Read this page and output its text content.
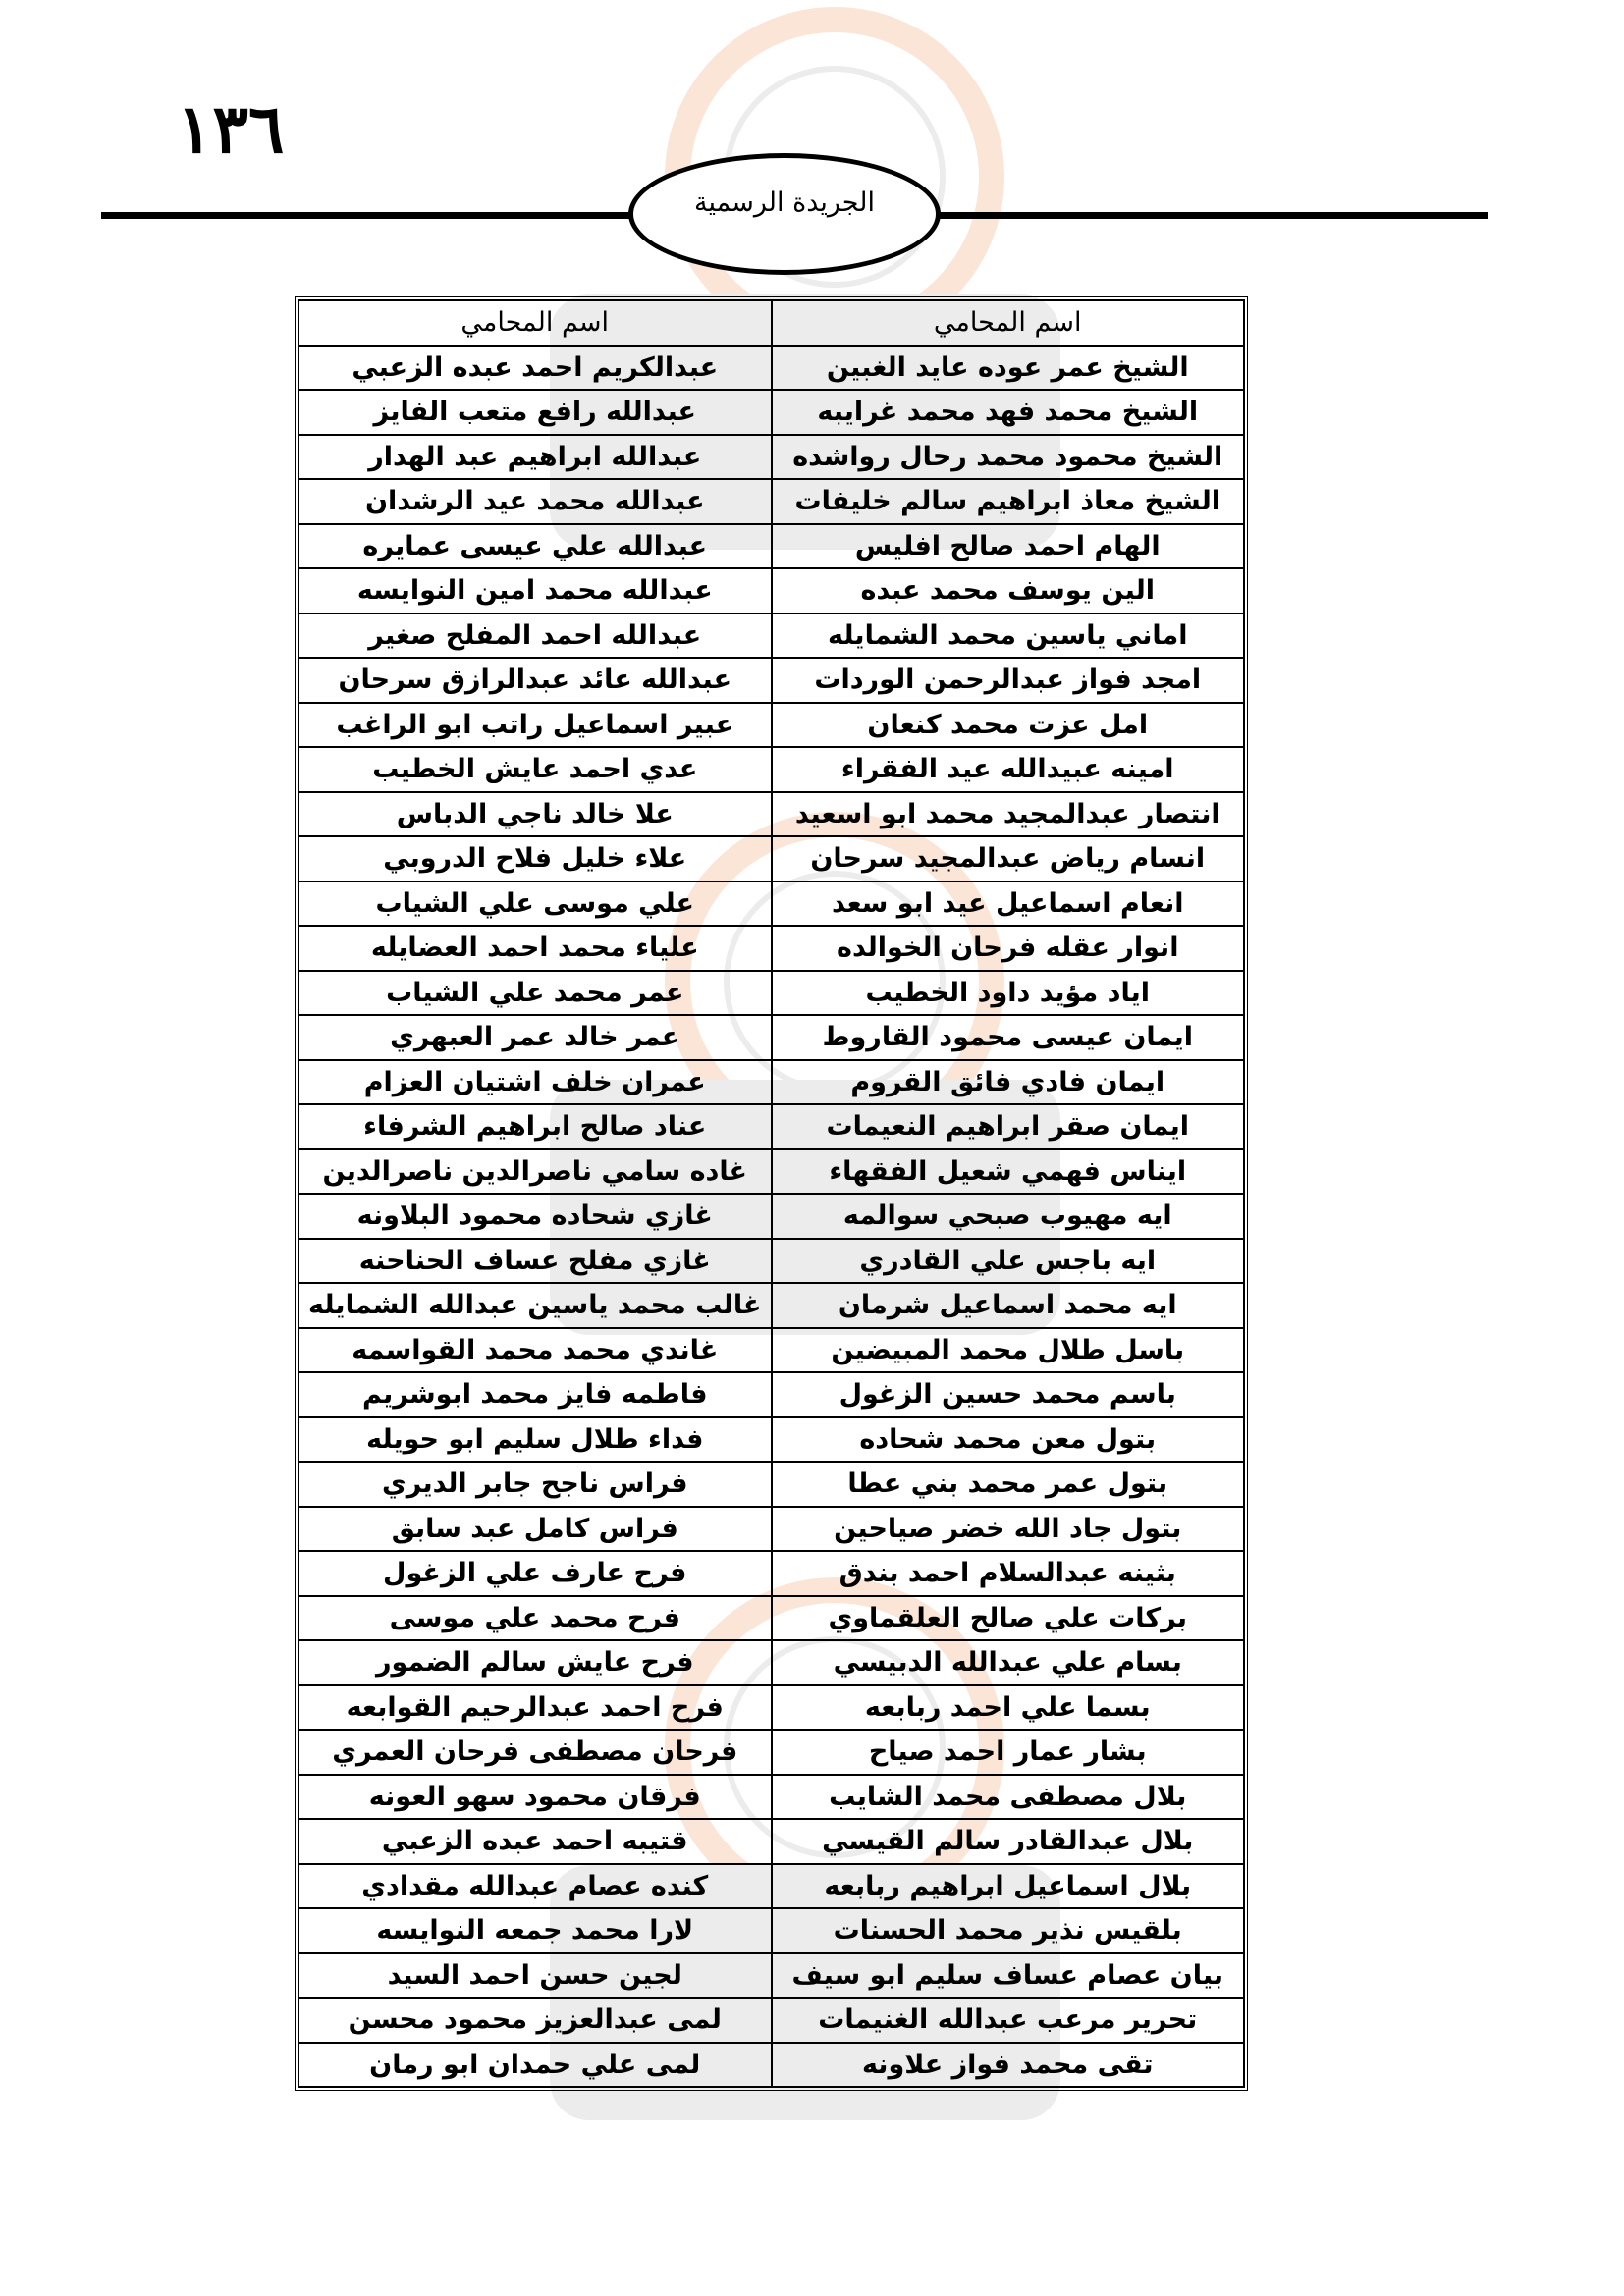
١٣٦
الجريدة الرسمية
اسم المحامي	اسم المحامي
الشيخ عمر عوده عايد الغبين	عبدالكريم احمد عبده الزعبي
الشيخ محمد فهد محمد غرايبه	عبدالله رافع متعب الفايز
الشيخ محمود محمد رحال رواشده	عبدالله ابراهيم عبد الهدار
الشيخ معاذ ابراهيم سالم خليفات	عبدالله محمد عيد الرشدان
الهام احمد صالح افليس	عبدالله علي عيسى عمايره
الين يوسف محمد عبده	عبدالله محمد امين النوايسه
اماني ياسين محمد الشمايله	عبدالله احمد المفلح صغير
امجد فواز عبدالرحمن الوردات	عبدالله عائد عبدالرازق سرحان
امل عزت محمد كنعان	عبير اسماعيل راتب ابو الراغب
امينه عبيدالله عيد الفقراء	عدي احمد عايش الخطيب
انتصار عبدالمجيد محمد ابو اسعيد	علا خالد ناجي الدباس
انسام رياض عبدالمجيد سرحان	علاء خليل فلاح الدروبي
انعام اسماعيل عيد ابو سعد	علي موسى علي الشياب
انوار عقله فرحان الخوالده	علياء محمد احمد العضايله
اياد مؤيد داود الخطيب	عمر محمد علي الشياب
ايمان عيسى محمود القاروط	عمر خالد عمر العبهري
ايمان فادي فائق القروم	عمران خلف اشتيان العزام
ايمان صقر ابراهيم النعيمات	عناد صالح ابراهيم الشرفاء
ايناس فهمي شعيل الفقهاء	غاده سامي ناصرالدين ناصرالدين
ايه مهيوب صبحي سوالمه	غازي شحاده محمود البلاونه
ايه باجس علي القادري	غازي مفلح عساف الحناحنه
ايه محمد اسماعيل شرمان	غالب محمد ياسين عبدالله الشمايله
باسل طلال محمد المبيضين	غاندي محمد محمد القواسمه
باسم محمد حسين الزغول	فاطمه فايز محمد ابوشريم
بتول معن محمد شحاده	فداء طلال سليم ابو حويله
بتول عمر محمد بني عطا	فراس ناجح جابر الديري
بتول جاد الله خضر صياحين	فراس كامل عبد سابق
بثينه عبدالسلام احمد بندق	فرح عارف علي الزغول
بركات علي صالح العلقماوي	فرح محمد علي موسى
بسام علي عبدالله الدبيسي	فرح عايش سالم الضمور
بسما علي احمد ربابعه	فرح احمد عبدالرحيم القوابعه
بشار عمار احمد صياح	فرحان مصطفى فرحان العمري
بلال مصطفى محمد الشايب	فرقان محمود سهو العونه
بلال عبدالقادر سالم القيسي	قتيبه احمد عبده الزعبي
بلال اسماعيل ابراهيم ربابعه	كنده عصام عبدالله مقدادي
بلقيس نذير محمد الحسنات	لارا محمد جمعه النوايسه
بيان عصام عساف سليم ابو سيف	لجين حسن احمد السيد
تحرير مرعب عبدالله الغنيمات	لمى عبدالعزيز محمود محسن
تقى محمد فواز علاونه	لمى علي حمدان ابو رمان
